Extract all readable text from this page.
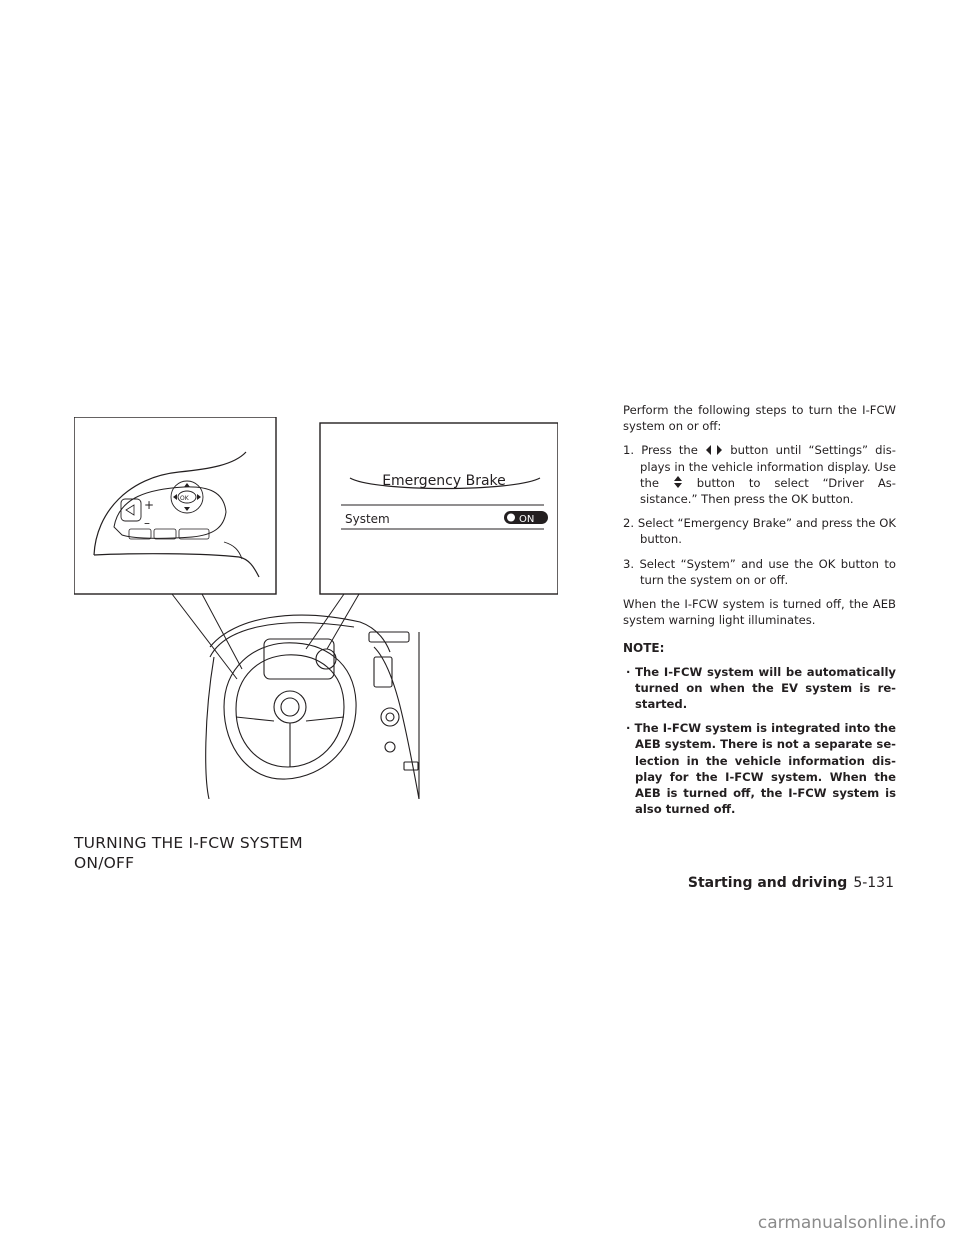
+
–
OK
Emergency Brake
System	ON
TURNING THE I-FCW SYSTEM
ON/OFF

Perform the following steps to turn the I-FCW system on or off:

1. Press the	button until “Settings” dis- plays in the vehicle information display. Use the	button to select “Driver As- sistance.” Then press the OK button.
2. Select “Emergency Brake” and press the OK button.
3. Select “System” and use the OK button to turn the system on or off.

When the I-FCW system is turned off, the AEB system warning light illuminates.

NOTE:
· The I-FCW system will be automatically turned on when the EV system is re- started.
· The I-FCW system is integrated into the AEB system. There is not a separate se- lection in the vehicle information dis- play for the I-FCW system. When the AEB is turned off, the I-FCW system is also turned off.
Starting and driving 5-131
carmanualsonline.info
